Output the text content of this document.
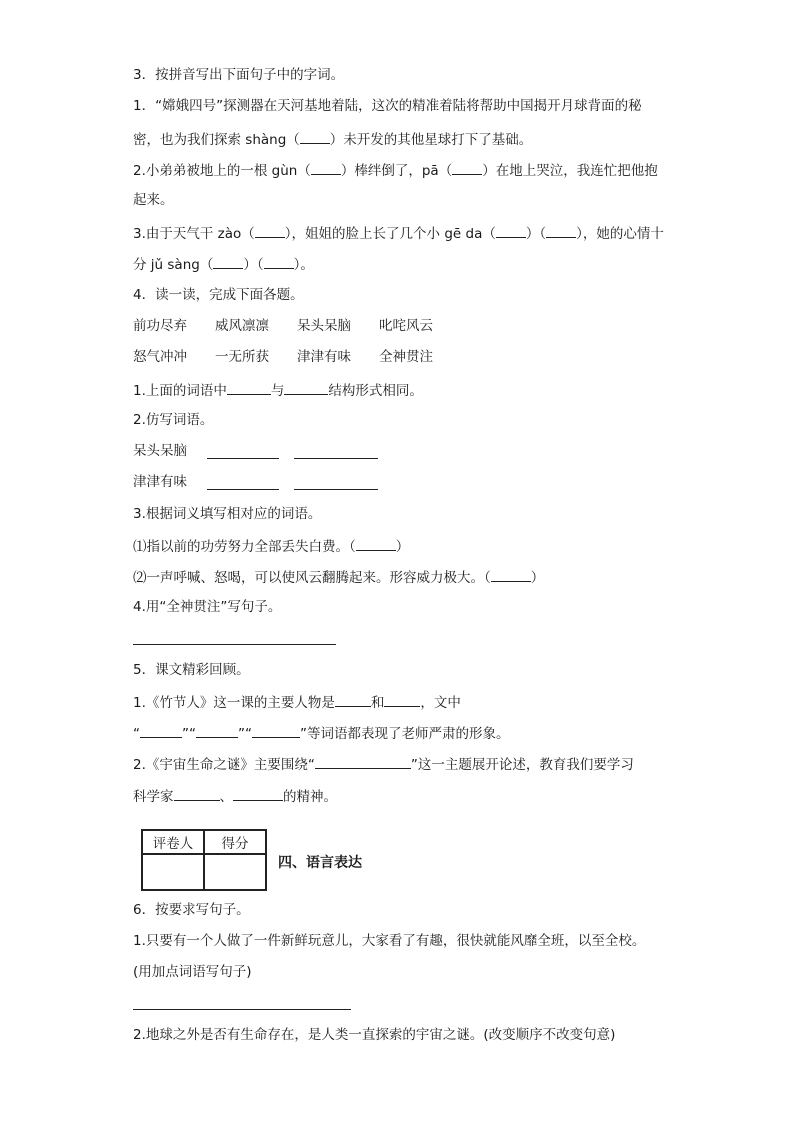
3．按拼音写出下面句子中的字词。
1．“嫦娥四号”探测器在天河基地着陆，这次的精准着陆将帮助中国揭开月球背面的秘
密，也为我们探索 shàng（ ）未开发的其他星球打下了基础。
2.小弟弟被地上的一根 gùn（ ）棒绊倒了，pā（ ）在地上哭泣，我连忙把他抱
起来。
3.由于天气干 zào（ ），姐姐的脸上长了几个小 gē da（ ）（ ），她的心情十
分 jǔ sàng（ ）（ ）。
4．读一读，完成下面各题。
前功尽弃 威风凛凛 呆头呆脑 叱咤风云
怒气冲冲 一无所获 津津有味 全神贯注
1.上面的词语中	与	结构形式相同。
2.仿写词语。
呆头呆脑
津津有味
3.根据词义填写相对应的词语。
⑴指以前的功劳努力全部丢失白费。（	）
⑵一声呼喊、怒喝，可以使风云翻腾起来。形容威力极大。（	）
4.用“全神贯注”写句子。
5．课文精彩回顾。
1.《竹节人》这一课的主要人物是	和	，文中
“	”“	”“	”等词语都表现了老师严肃的形象。
2.《宇宙生命之谜》主要围绕“	”这一主题展开论述，教育我们要学习
科学家	、	的精神。
评卷人	得分

四、语言表达
6．按要求写句子。
1.只要有一个人做了一件新鲜玩意儿，大家看了有趣，很快就能风靡全班，以至全校。
(用加点词语写句子)
2.地球之外是否有生命存在，是人类一直探索的宇宙之谜。(改变顺序不改变句意)
